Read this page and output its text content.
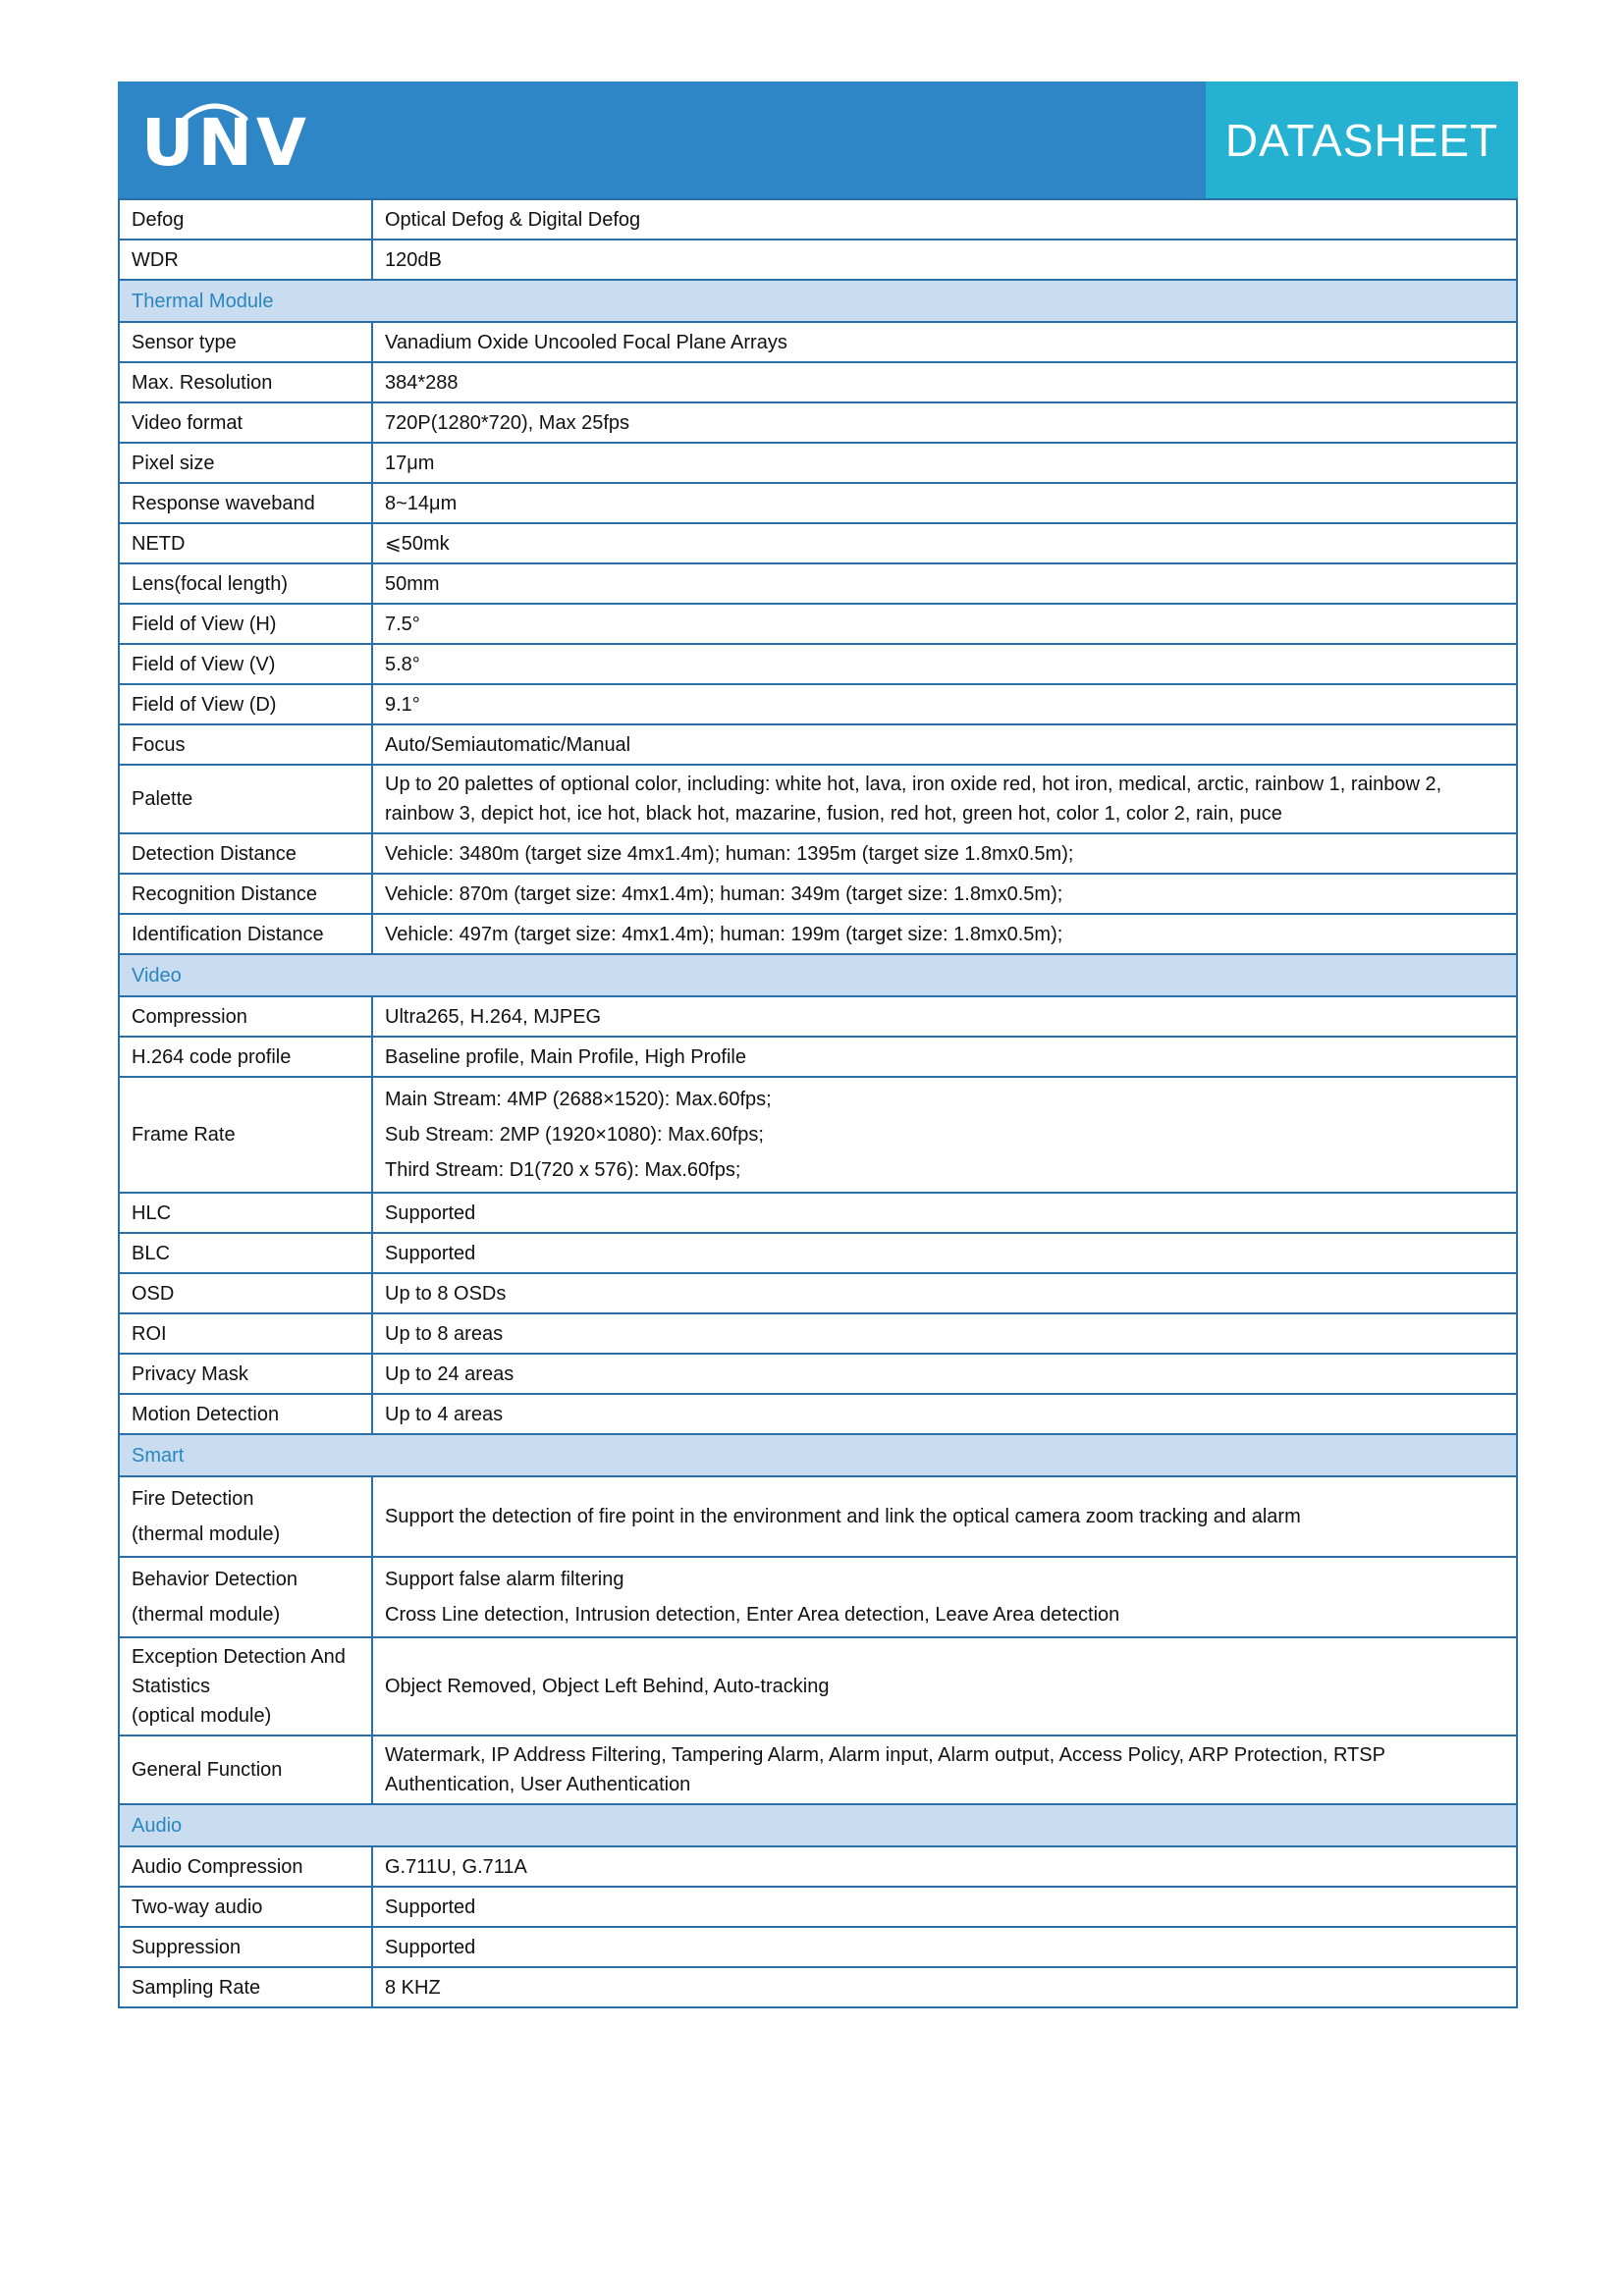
UNV	DATASHEET
Defog	Optical Defog & Digital Defog

WDR	120dB

Thermal Module	

Sensor type	Vanadium Oxide Uncooled Focal Plane Arrays

Max. Resolution	384*288

Video format	720P(1280*720), Max 25fps

Pixel size	17μm

Response waveband	8~14μm

NETD	⩽50mk

Lens(focal length)	50mm

Field of View (H)	7.5°

Field of View (V)	5.8°

Field of View (D)	9.1°

Focus	Auto/Semiautomatic/Manual

Palette	Up to 20 palettes of optional color, including: white hot, lava, iron oxide red, hot iron, medical, arctic, rainbow 1, rainbow 2,
rainbow 3, depict hot, ice hot, black hot, mazarine, fusion, red hot, green hot, color 1, color 2, rain, puce

Detection Distance	Vehicle: 3480m (target size 4mx1.4m); human: 1395m (target size 1.8mx0.5m);

Recognition Distance	Vehicle: 870m (target size: 4mx1.4m); human: 349m (target size: 1.8mx0.5m);

Identification Distance	Vehicle: 497m (target size: 4mx1.4m); human: 199m (target size: 1.8mx0.5m);

Video	

Compression	Ultra265, H.264, MJPEG

H.264 code profile	Baseline profile, Main Profile, High Profile

Frame Rate	Main Stream: 4MP (2688×1520): Max.60fps;
Sub Stream: 2MP (1920×1080): Max.60fps;
Third Stream: D1(720 x 576): Max.60fps;

HLC	Supported

BLC	Supported

OSD	Up to 8 OSDs

ROI	Up to 8 areas

Privacy Mask	Up to 24 areas

Motion Detection	Up to 4 areas

Smart	

Fire Detection
(thermal module)	Support the detection of fire point in the environment and link the optical camera zoom tracking and alarm

Behavior Detection
(thermal module)	Support false alarm filtering
Cross Line detection, Intrusion detection, Enter Area detection, Leave Area detection

Exception Detection And
Statistics
(optical module)	Object Removed, Object Left Behind, Auto-tracking

General Function	Watermark, IP Address Filtering, Tampering Alarm, Alarm input, Alarm output, Access Policy, ARP Protection, RTSP
Authentication, User Authentication

Audio	

Audio Compression	G.711U, G.711A

Two-way audio	Supported

Suppression	Supported

Sampling Rate	8 KHZ
